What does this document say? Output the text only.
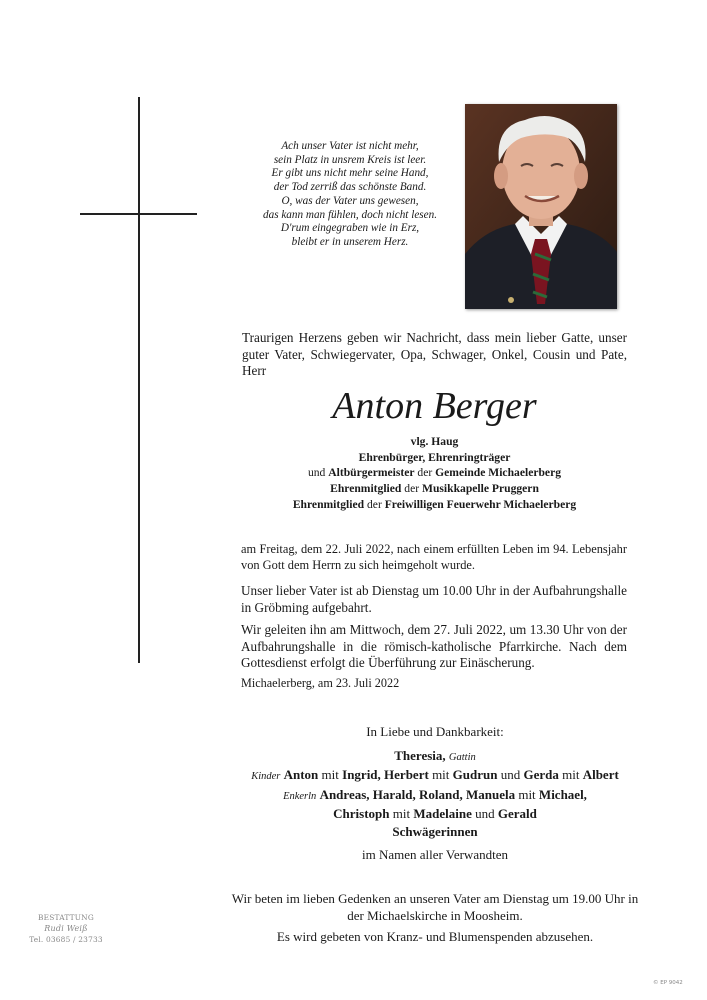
Ach unser Vater ist nicht mehr,
sein Platz in unsrem Kreis ist leer.
Er gibt uns nicht mehr seine Hand,
der Tod zerriß das schönste Band.
O, was der Vater uns gewesen,
das kann man fühlen, doch nicht lesen.
D'rum eingegraben wie in Erz,
bleibt er in unserem Herz.
Traurigen Herzens geben wir Nachricht, dass mein lieber Gatte, unser guter Vater, Schwiegervater, Opa, Schwager, Onkel, Cousin und Pate, Herr
Anton Berger
vlg. Haug
Ehrenbürger, Ehrenringträger
und Altbürgermeister der Gemeinde Michaelerberg
Ehrenmitglied der Musikkapelle Pruggern
Ehrenmitglied der Freiwilligen Feuerwehr Michaelerberg
am Freitag, dem 22. Juli 2022, nach einem erfüllten Leben im 94. Lebensjahr von Gott dem Herrn zu sich heimgeholt wurde.
Unser lieber Vater ist ab Dienstag um 10.00 Uhr in der Aufbahrungshalle in Gröbming aufgebahrt.
Wir geleiten ihn am Mittwoch, dem 27. Juli 2022, um 13.30 Uhr von der Aufbahrungshalle in die römisch-katholische Pfarrkirche. Nach dem Gottesdienst erfolgt die Überführung zur Einäscherung.
Michaelerberg, am 23. Juli 2022
In Liebe und Dankbarkeit:
Theresia, Gattin
Kinder Anton mit Ingrid, Herbert mit Gudrun und Gerda mit Albert
Enkerln Andreas, Harald, Roland, Manuela mit Michael,
Christoph mit Madelaine und Gerald
Schwägerinnen
im Namen aller Verwandten
Wir beten im lieben Gedenken an unseren Vater am Dienstag um 19.00 Uhr in der Michaelskirche in Moosheim.
Es wird gebeten von Kranz- und Blumenspenden abzusehen.
BESTATTUNG
Rudi Weiß
Tel. 03685 / 23733
© EP 9042
